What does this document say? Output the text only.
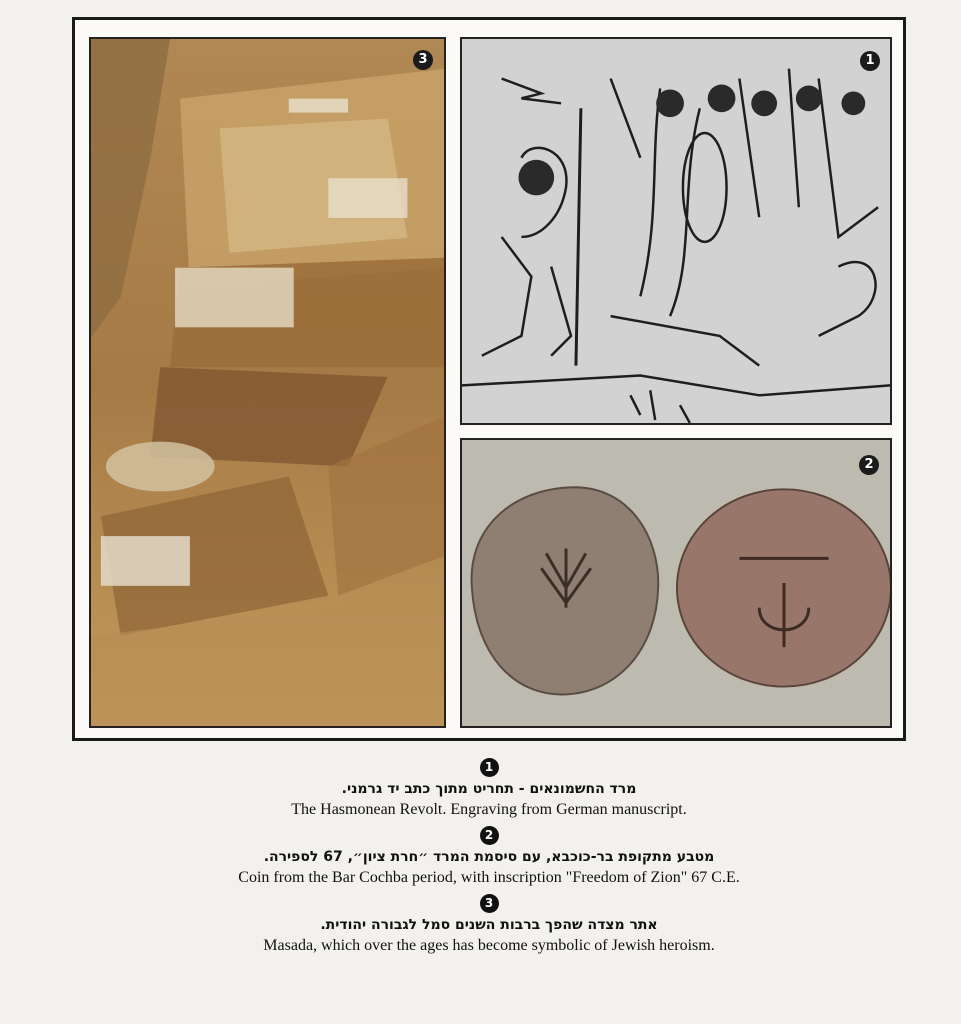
3	1
2
1
מרד החשמונאים - תחריט מתוך כתב יד גרמני.
The Hasmonean Revolt. Engraving from German manuscript.
2
מטבע מתקופת בר-כוכבא, עם סיסמת המרד ״חרת ציון״, 67 לספירה.
Coin from the Bar Cochba period, with inscription "Freedom of Zion" 67 C.E.
3
אתר מצדה שהפך ברבות השנים סמל לגבורה יהודית.
Masada, which over the ages has become symbolic of Jewish heroism.
